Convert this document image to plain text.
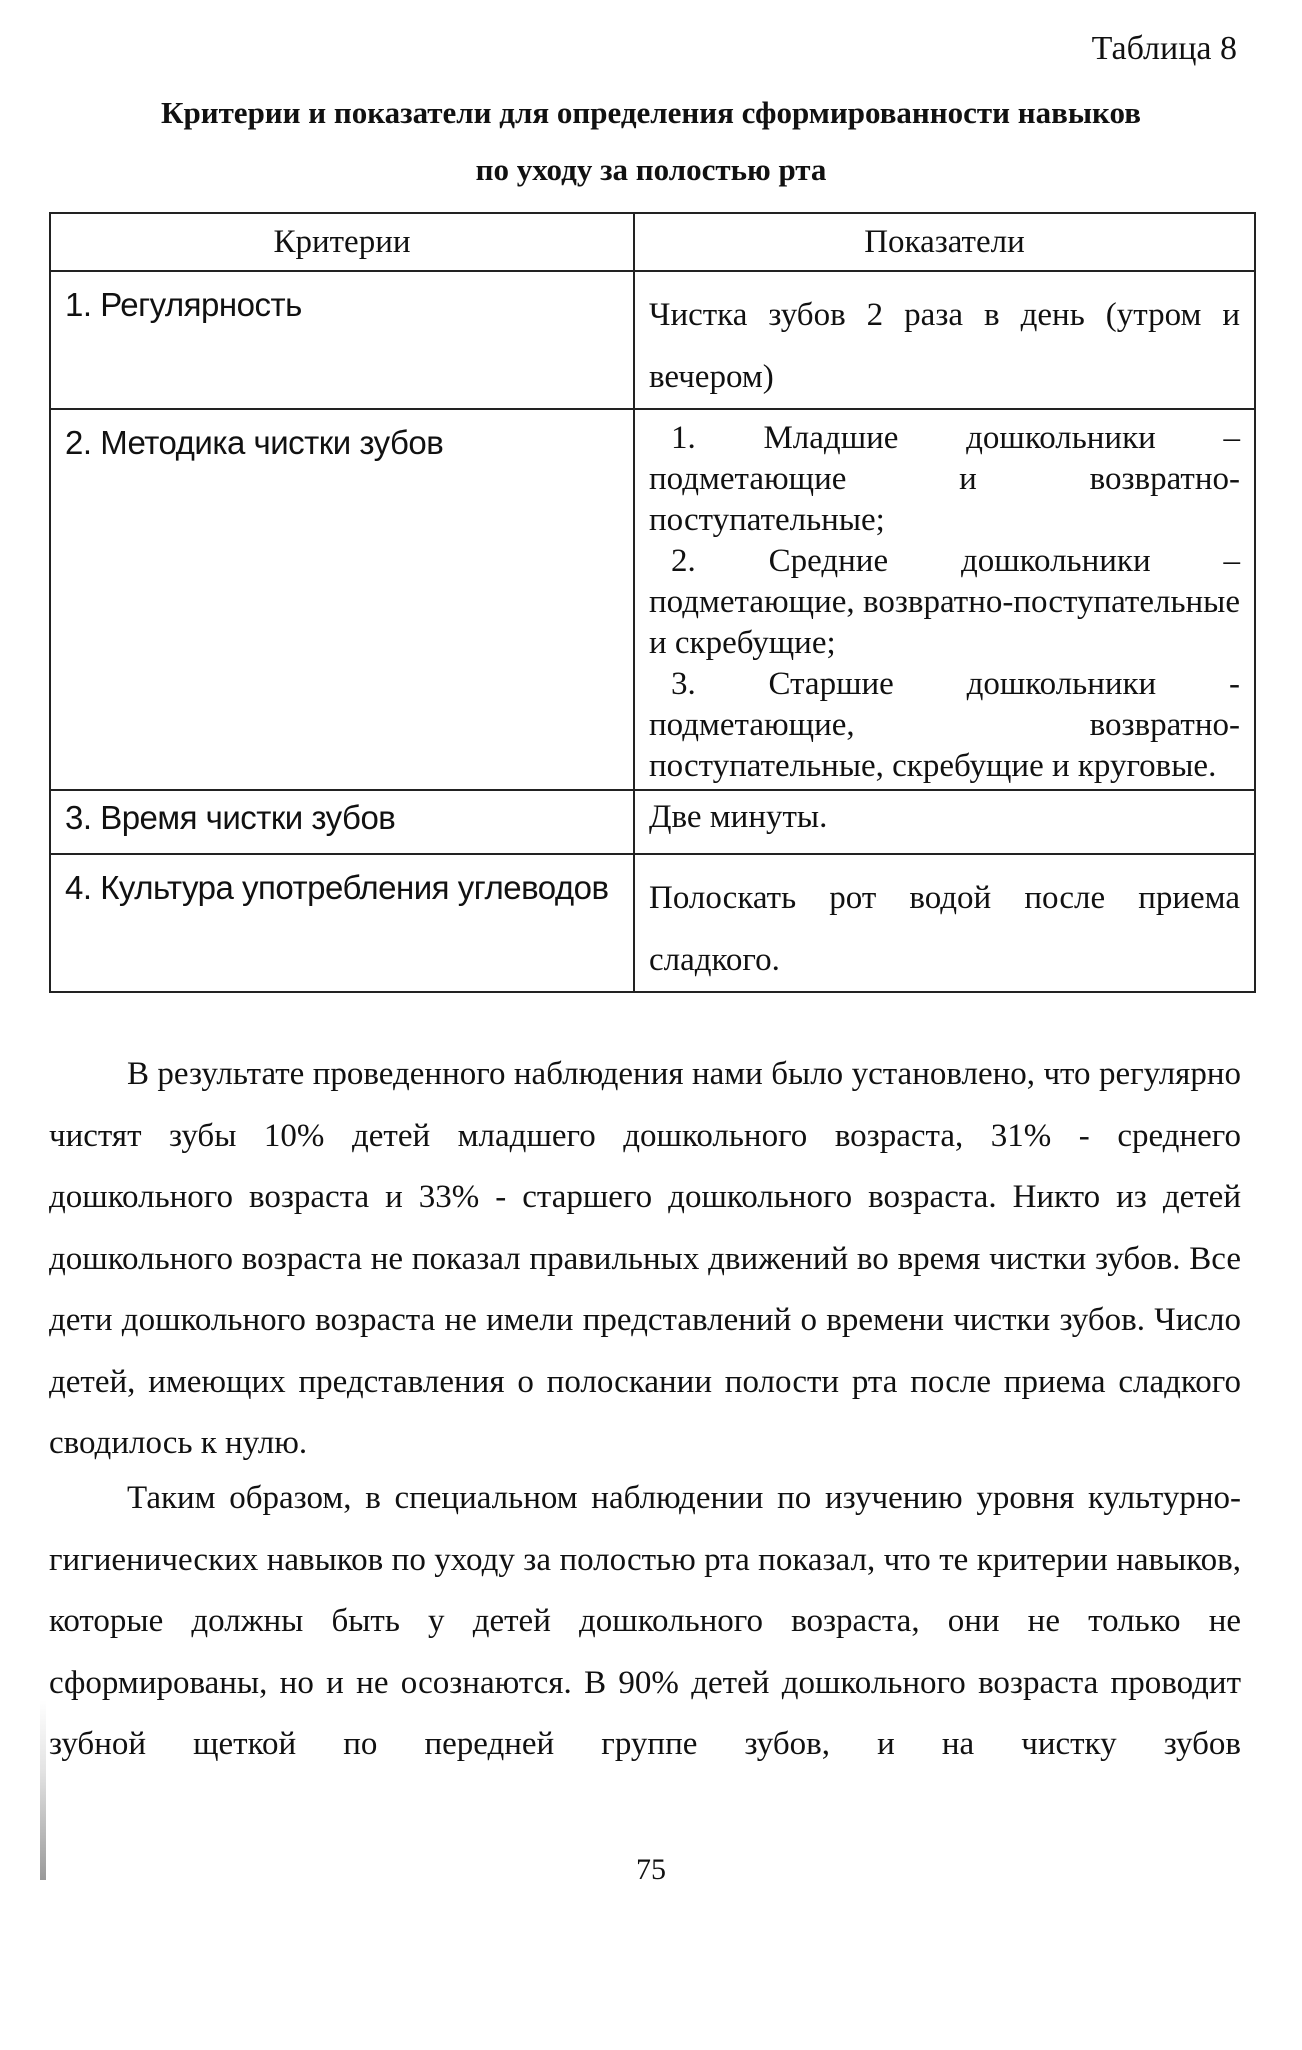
Таблица 8
Критерии и показатели для определения сформированности навыков
по уходу за полостью рта
Критерии	Показатели
1. Регулярность	Чистка зубов 2 раза в день (утром и
вечером)
2. Методика чистки зубов	1. Младшие дошкольники – подметающие и возвратно-поступательные;
2. Средние дошкольники – подметающие, возвратно-поступательные и скребущие;
3. Старшие дошкольники - подметающие, возвратно-поступательные, скребущие и круговые.

3. Время чистки зубов	Две минуты.
4. Культура употребления углеводов	Полоскать рот водой после приема
сладкого.

В результате проведенного наблюдения нами было установлено, что регулярно чистят зубы 10% детей младшего дошкольного возраста, 31% - среднего дошкольного возраста и 33% - старшего дошкольного возраста. Никто из детей дошкольного возраста не показал правильных движений во время чистки зубов. Все дети дошкольного возраста не имели представлений о времени чистки зубов. Число детей, имеющих представления о полоскании полости рта после приема сладкого сводилось к нулю.

Таким образом, в специальном наблюдении по изучению уровня культурно-гигиенических навыков по уходу за полостью рта показал, что те критерии навыков, которые должны быть у детей дошкольного возраста, они не только не сформированы, но и не осознаются. В 90% детей дошкольного возраста проводит зубной щеткой по передней группе зубов, и на чистку зубов

75
